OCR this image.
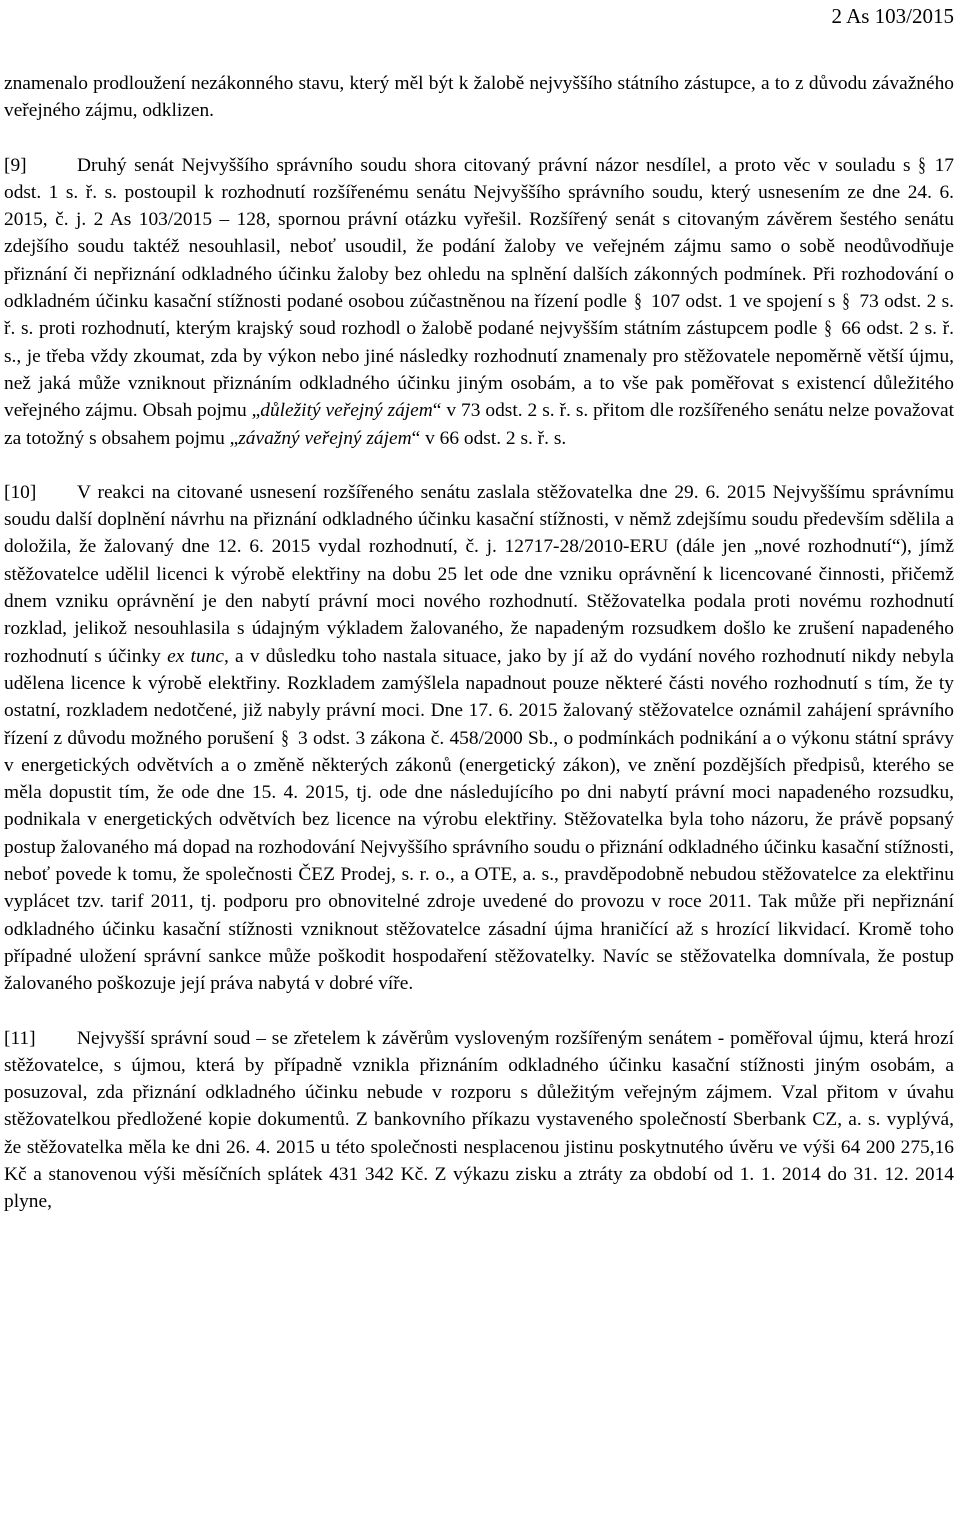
2 As 103/2015

znamenalo prodloužení nezákonného stavu, který měl být k žalobě nejvyššího státního zástupce, a to z důvodu závažného veřejného zájmu, odklizen.

[9]	Druhý senát Nejvyššího správního soudu shora citovaný právní názor nesdílel, a proto věc v souladu s § 17 odst. 1 s. ř. s. postoupil k rozhodnutí rozšířenému senátu Nejvyššího správního soudu, který usnesením ze dne 24. 6. 2015, č. j. 2 As 103/2015 – 128, spornou právní otázku vyřešil. Rozšířený senát s citovaným závěrem šestého senátu zdejšího soudu taktéž nesouhlasil, neboť usoudil, že podání žaloby ve veřejném zájmu samo o sobě neodůvodňuje přiznání či nepřiznání odkladného účinku žaloby bez ohledu na splnění dalších zákonných podmínek. Při rozhodování o odkladném účinku kasační stížnosti podané osobou zúčastněnou na řízení podle § 107 odst. 1 ve spojení s § 73 odst. 2 s. ř. s. proti rozhodnutí, kterým krajský soud rozhodl o žalobě podané nejvyšším státním zástupcem podle § 66 odst. 2 s. ř. s., je třeba vždy zkoumat, zda by výkon nebo jiné následky rozhodnutí znamenaly pro stěžovatele nepoměrně větší újmu, než jaká může vzniknout přiznáním odkladného účinku jiným osobám, a to vše pak poměřovat s existencí důležitého veřejného zájmu. Obsah pojmu „důležitý veřejný zájem“ v 73 odst. 2 s. ř. s. přitom dle rozšířeného senátu nelze považovat za totožný s obsahem pojmu „závažný veřejný zájem“ v 66 odst. 2 s. ř. s.

[10] V reakci na citované usnesení rozšířeného senátu zaslala stěžovatelka dne 29. 6. 2015 Nejvyššímu správnímu soudu další doplnění návrhu na přiznání odkladného účinku kasační stížnosti, v němž zdejšímu soudu především sdělila a doložila, že žalovaný dne 12. 6. 2015 vydal rozhodnutí, č. j. 12717-28/2010-ERU (dále jen „nové rozhodnutí“), jímž stěžovatelce udělil licenci k výrobě elektřiny na dobu 25 let ode dne vzniku oprávnění k licencované činnosti, přičemž dnem vzniku oprávnění je den nabytí právní moci nového rozhodnutí. Stěžovatelka podala proti novému rozhodnutí rozklad, jelikož nesouhlasila s údajným výkladem žalovaného, že napadeným rozsudkem došlo ke zrušení napadeného rozhodnutí s účinky ex tunc, a v důsledku toho nastala situace, jako by jí až do vydání nového rozhodnutí nikdy nebyla udělena licence k výrobě elektřiny. Rozkladem zamýšlela napadnout pouze některé části nového rozhodnutí s tím, že ty ostatní, rozkladem nedotčené, již nabyly právní moci. Dne 17. 6. 2015 žalovaný stěžovatelce oznámil zahájení správního řízení z důvodu možného porušení § 3 odst. 3 zákona č. 458/2000 Sb., o podmínkách podnikání a o výkonu státní správy v energetických odvětvích a o změně některých zákonů (energetický zákon), ve znění pozdějších předpisů, kterého se měla dopustit tím, že ode dne 15. 4. 2015, tj. ode dne následujícího po dni nabytí právní moci napadeného rozsudku, podnikala v energetických odvětvích bez licence na výrobu elektřiny. Stěžovatelka byla toho názoru, že právě popsaný postup žalovaného má dopad na rozhodování Nejvyššího správního soudu o přiznání odkladného účinku kasační stížnosti, neboť povede k tomu, že společnosti ČEZ Prodej, s. r. o., a OTE, a. s., pravděpodobně nebudou stěžovatelce za elektřinu vyplácet tzv. tarif 2011, tj. podporu pro obnovitelné zdroje uvedené do provozu v roce 2011. Tak může při nepřiznání odkladného účinku kasační stížnosti vzniknout stěžovatelce zásadní újma hraničící až s hrozící likvidací. Kromě toho případné uložení správní sankce může poškodit hospodaření stěžovatelky. Navíc se stěžovatelka domnívala, že postup žalovaného poškozuje její práva nabytá v dobré víře.

[11] Nejvyšší správní soud – se zřetelem k závěrům vysloveným rozšířeným senátem - poměřoval újmu, která hrozí stěžovatelce, s újmou, která by případně vznikla přiznáním odkladného účinku kasační stížnosti jiným osobám, a posuzoval, zda přiznání odkladného účinku nebude v rozporu s důležitým veřejným zájmem. Vzal přitom v úvahu stěžovatelkou předložené kopie dokumentů. Z bankovního příkazu vystaveného společností Sberbank CZ, a. s. vyplývá, že stěžovatelka měla ke dni 26. 4. 2015 u této společnosti nesplacenou jistinu poskytnutého úvěru ve výši 64 200 275,16 Kč a stanovenou výši měsíčních splátek 431 342 Kč. Z výkazu zisku a ztráty za období od 1. 1. 2014 do 31. 12. 2014 plyne,
